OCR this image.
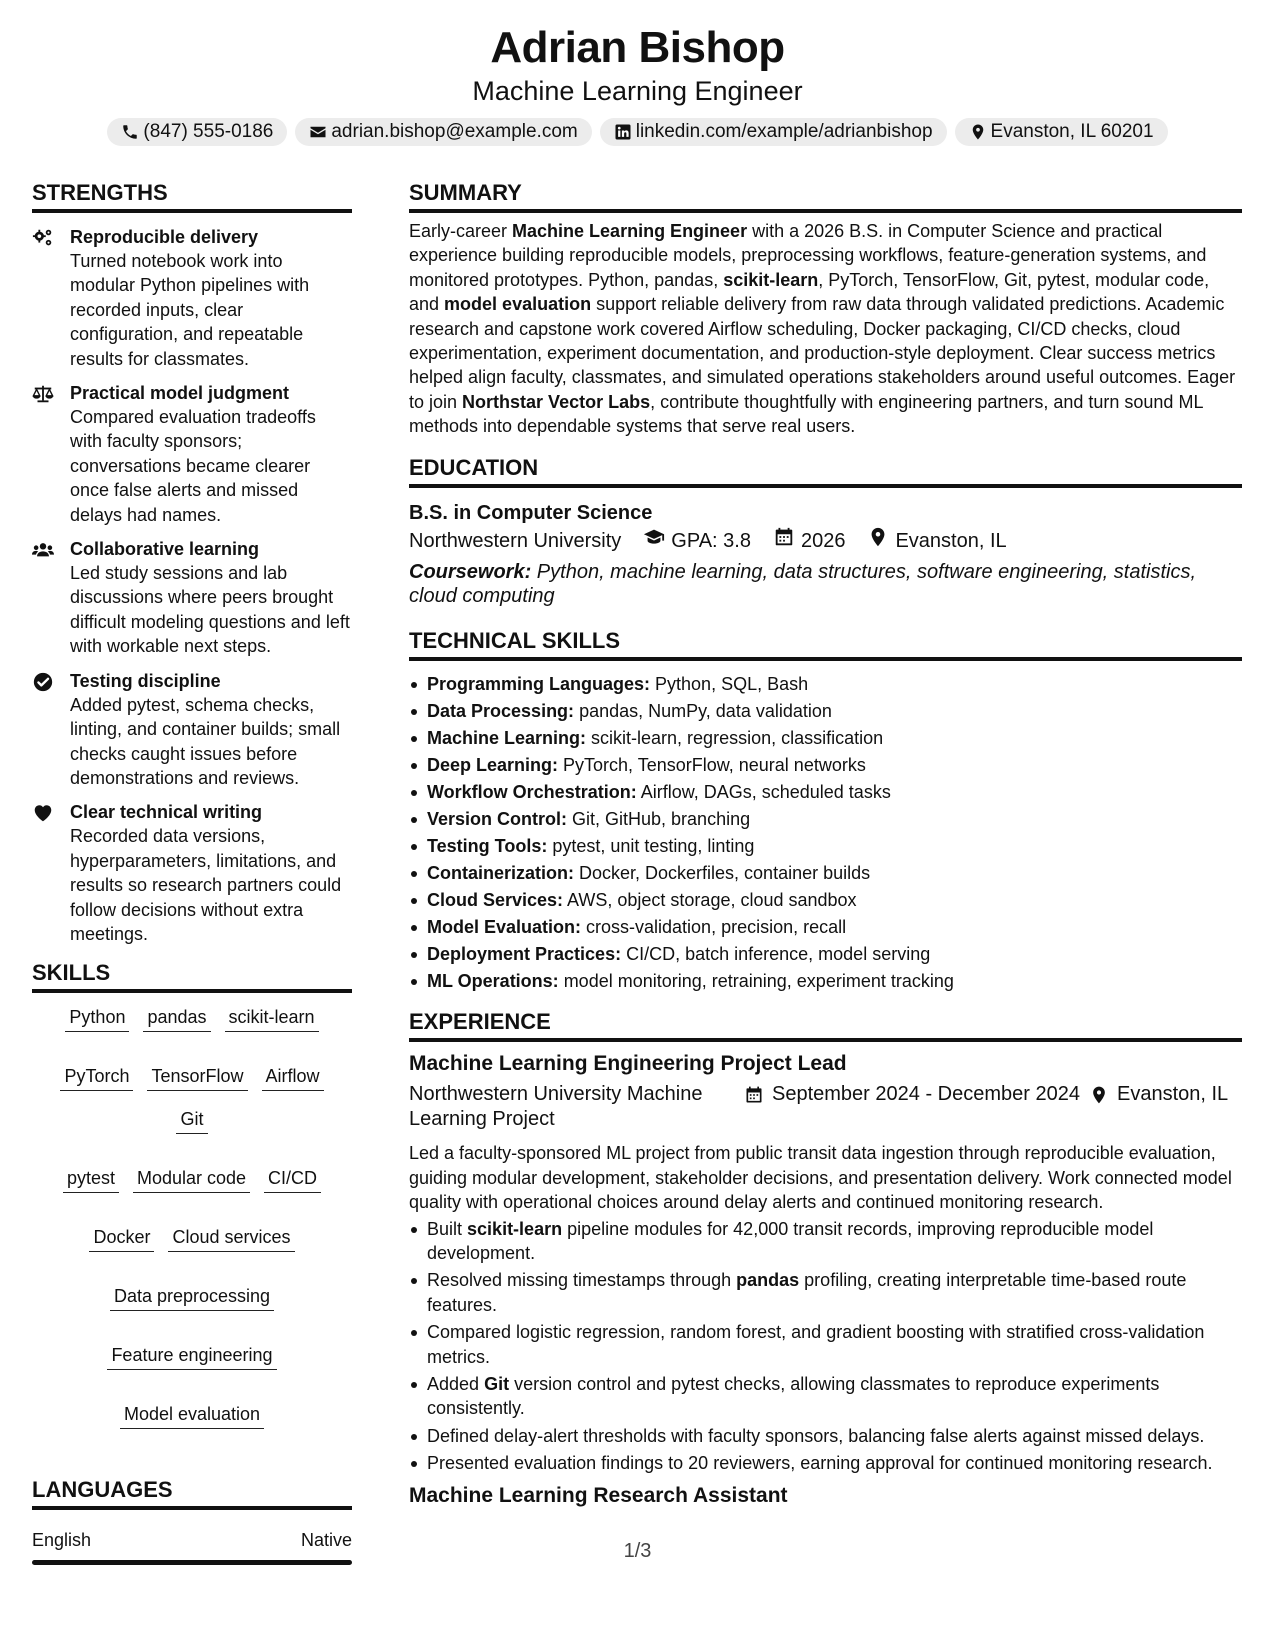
Adrian Bishop
Machine Learning Engineer
(847) 555-0186	adrian.bishop@example.com	linkedin.com/example/adrianbishop	Evanston, IL 60201
STRENGTHS
Reproducible delivery
Turned notebook work into modular Python pipelines with recorded inputs, clear configuration, and repeatable results for classmates.
Practical model judgment
Compared evaluation tradeoffs with faculty sponsors; conversations became clearer once false alerts and missed delays had names.
Collaborative learning
Led study sessions and lab discussions where peers brought difficult modeling questions and left with workable next steps.
Testing discipline
Added pytest, schema checks, linting, and container builds; small checks caught issues before demonstrations and reviews.
Clear technical writing
Recorded data versions, hyperparameters, limitations, and results so research partners could follow decisions without extra meetings.
SKILLS
Python pandas scikit-learn
PyTorch TensorFlow Airflow
Git
pytest Modular code CI/CD
Docker Cloud services
Data preprocessing
Feature engineering
Model evaluation
LANGUAGES
English	Native
SUMMARY
Early-career Machine Learning Engineer with a 2026 B.S. in Computer Science and practical experience building reproducible models, preprocessing workflows, feature-generation systems, and monitored prototypes. Python, pandas, scikit-learn, PyTorch, TensorFlow, Git, pytest, modular code, and model evaluation support reliable delivery from raw data through validated predictions. Academic research and capstone work covered Airflow scheduling, Docker packaging, CI/CD checks, cloud experimentation, experiment documentation, and production-style deployment. Clear success metrics helped align faculty, classmates, and simulated operations stakeholders around useful outcomes. Eager to join Northstar Vector Labs, contribute thoughtfully with engineering partners, and turn sound ML methods into dependable systems that serve real users.
EDUCATION
B.S. in Computer Science
Northwestern University	GPA: 3.8	2026	Evanston, IL
Coursework: Python, machine learning, data structures, software engineering, statistics, cloud computing
TECHNICAL SKILLS
Programming Languages: Python, SQL, Bash
Data Processing: pandas, NumPy, data validation
Machine Learning: scikit-learn, regression, classification
Deep Learning: PyTorch, TensorFlow, neural networks
Workflow Orchestration: Airflow, DAGs, scheduled tasks
Version Control: Git, GitHub, branching
Testing Tools: pytest, unit testing, linting
Containerization: Docker, Dockerfiles, container builds
Cloud Services: AWS, object storage, cloud sandbox
Model Evaluation: cross-validation, precision, recall
Deployment Practices: CI/CD, batch inference, model serving
ML Operations: model monitoring, retraining, experiment tracking
EXPERIENCE
Machine Learning Engineering Project Lead
Northwestern University Machine Learning Project
September 2024 - December 2024 Evanston, IL
Led a faculty-sponsored ML project from public transit data ingestion through reproducible evaluation, guiding modular development, stakeholder decisions, and presentation delivery. Work connected model quality with operational choices around delay alerts and continued monitoring research.
Built scikit-learn pipeline modules for 42,000 transit records, improving reproducible model development.
Resolved missing timestamps through pandas profiling, creating interpretable time-based route features.
Compared logistic regression, random forest, and gradient boosting with stratified cross-validation metrics.
Added Git version control and pytest checks, allowing classmates to reproduce experiments consistently.
Defined delay-alert thresholds with faculty sponsors, balancing false alerts against missed delays.
Presented evaluation findings to 20 reviewers, earning approval for continued monitoring research.
Machine Learning Research Assistant
1/3
